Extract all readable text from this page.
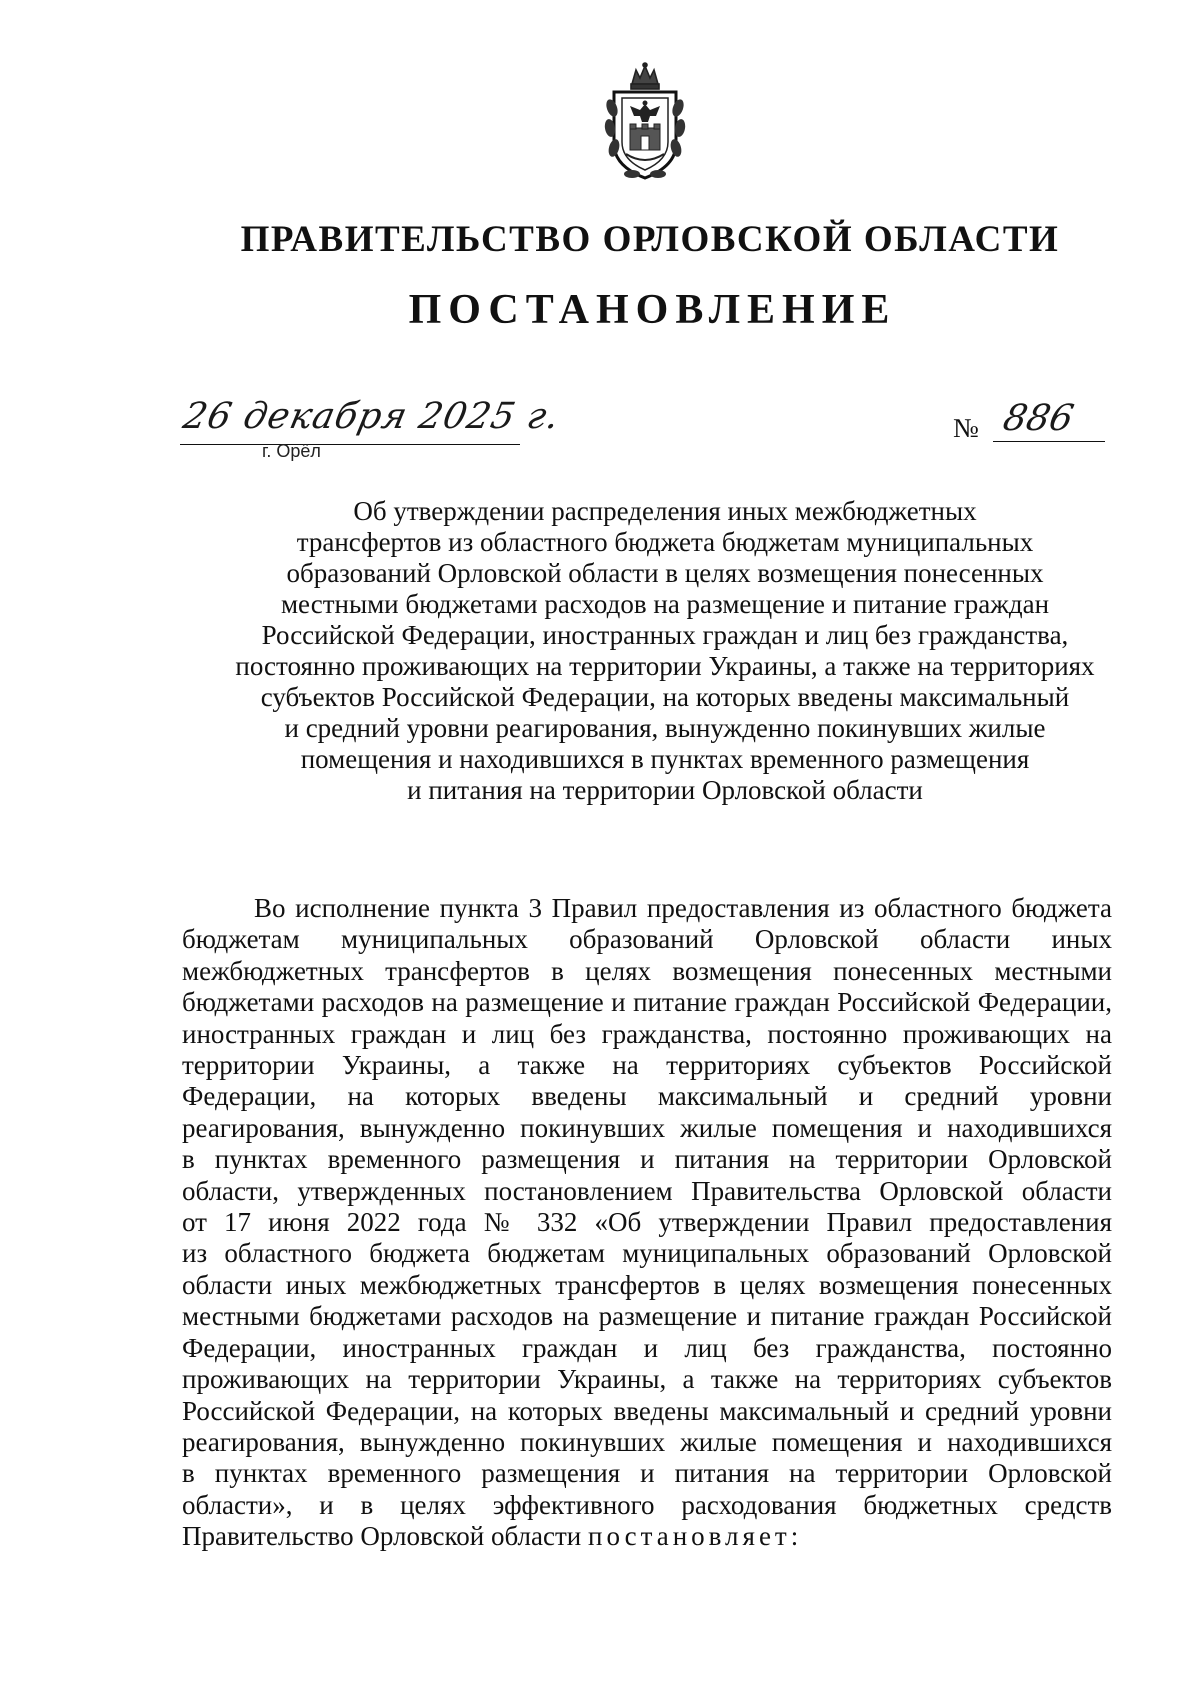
ПРАВИТЕЛЬСТВО ОРЛОВСКОЙ ОБЛАСТИ
ПОСТАНОВЛЕНИЕ
26 декабря 2025 г.
г. Орёл
№ 886
Об утверждении распределения иных межбюджетных
трансфертов из областного бюджета бюджетам муниципальных
образований Орловской области в целях возмещения понесенных
местными бюджетами расходов на размещение и питание граждан
Российской Федерации, иностранных граждан и лиц без гражданства,
постоянно проживающих на территории Украины, а также на территориях
субъектов Российской Федерации, на которых введены максимальный
и средний уровни реагирования, вынужденно покинувших жилые
помещения и находившихся в пунктах временного размещения
и питания на территории Орловской области
Во исполнение пункта 3 Правил предоставления из областного бюджета
бюджетам муниципальных образований Орловской области иных
межбюджетных трансфертов в целях возмещения понесенных местными
бюджетами расходов на размещение и питание граждан Российской Федерации,
иностранных граждан и лиц без гражданства, постоянно проживающих на
территории Украины, а также на территориях субъектов Российской
Федерации, на которых введены максимальный и средний уровни
реагирования, вынужденно покинувших жилые помещения и находившихся
в пунктах временного размещения и питания на территории Орловской
области, утвержденных постановлением Правительства Орловской области
от 17 июня 2022 года № 332 «Об утверждении Правил предоставления
из областного бюджета бюджетам муниципальных образований Орловской
области иных межбюджетных трансфертов в целях возмещения понесенных
местными бюджетами расходов на размещение и питание граждан Российской
Федерации, иностранных граждан и лиц без гражданства, постоянно
проживающих на территории Украины, а также на территориях субъектов
Российской Федерации, на которых введены максимальный и средний уровни
реагирования, вынужденно покинувших жилые помещения и находившихся
в пунктах временного размещения и питания на территории Орловской
области», и в целях эффективного расходования бюджетных средств
Правительство Орловской области постановляет:
